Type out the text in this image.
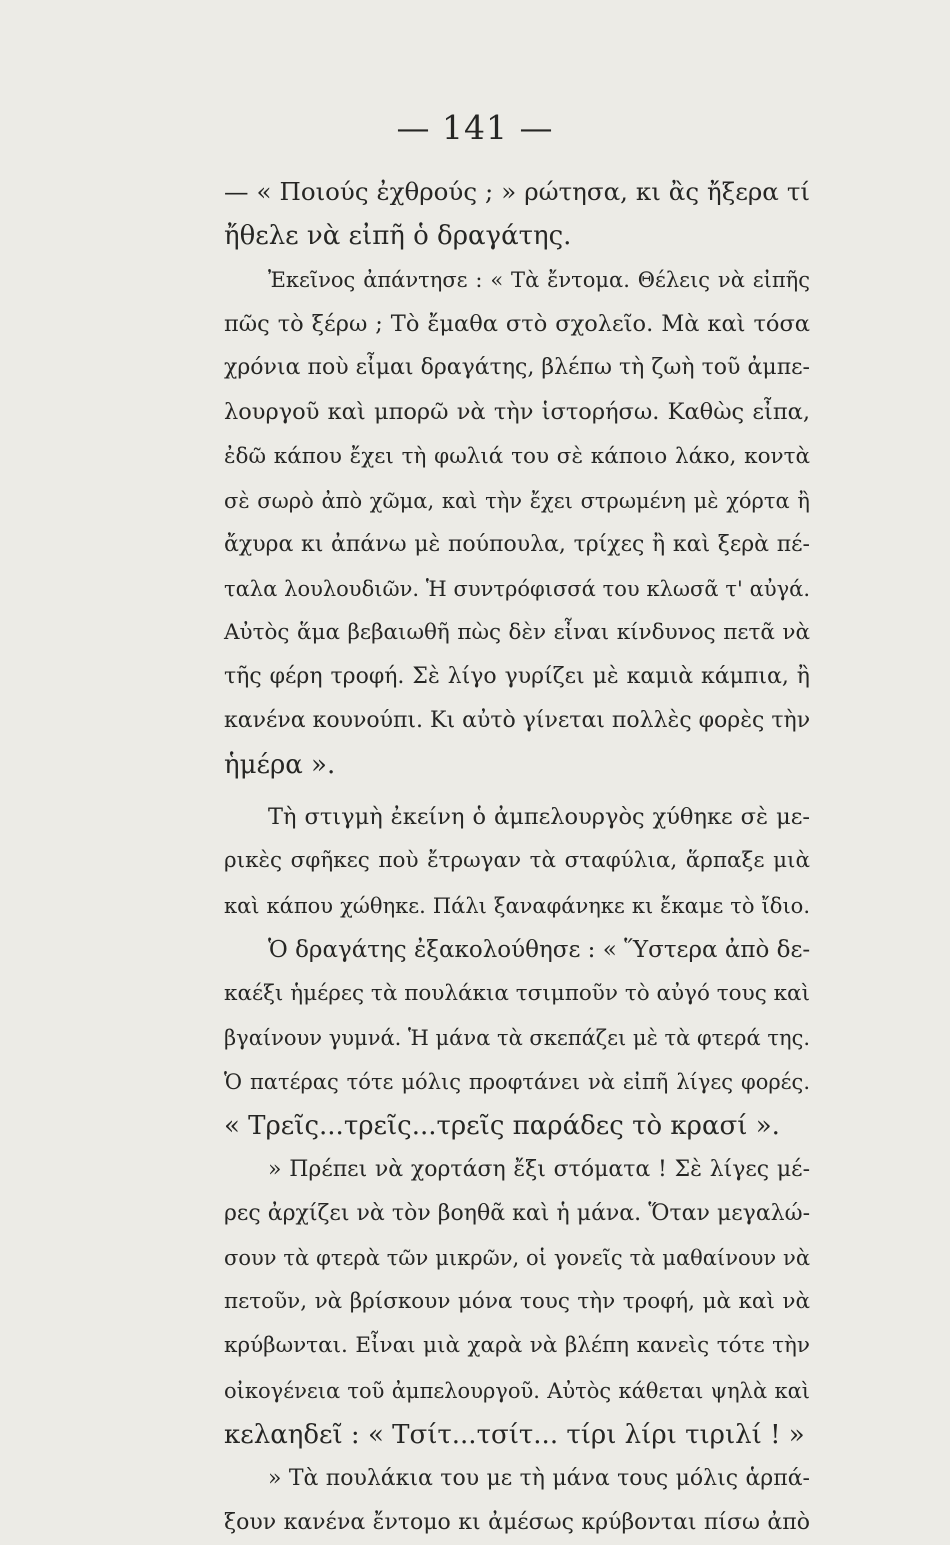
— 141 —
— « Ποιούς ἐχθρούς ; » ρώτησα, κι ἂς ἤξερα τί
ἤθελε νὰ εἰπῆ ὁ δραγάτης.
Ἐκεῖνος ἀπάντησε : « Τὰ ἔντομα. Θέλεις νὰ εἰπῆς
πῶς τὸ ξέρω ; Τὸ ἔμαθα στὸ σχολεῖο. Μὰ καὶ τόσα
χρόνια ποὺ εἶμαι δραγάτης, βλέπω τὴ ζωὴ τοῦ ἀμπε-
λουργοῦ καὶ μπορῶ νὰ τὴν ἱστορήσω. Καθὼς εἶπα,
ἐδῶ κάπου ἔχει τὴ φωλιά του σὲ κάποιο λάκο, κοντὰ
σὲ σωρὸ ἀπὸ χῶμα, καὶ τὴν ἔχει στρωμένη μὲ χόρτα ἢ
ἄχυρα κι ἀπάνω μὲ πούπουλα, τρίχες ἢ καὶ ξερὰ πέ-
ταλα λουλουδιῶν. Ἡ συντρόφισσά του κλωσᾶ τ' αὐγά.
Αὐτὸς ἅμα βεβαιωθῆ πὼς δὲν εἶναι κίνδυνος πετᾶ νὰ
τῆς φέρη τροφή. Σὲ λίγο γυρίζει μὲ καμιὰ κάμπια, ἢ
κανένα κουνούπι. Κι αὐτὸ γίνεται πολλὲς φορὲς τὴν
ἡμέρα ».
Τὴ στιγμὴ ἐκείνη ὁ ἀμπελουργὸς χύθηκε σὲ με-
ρικὲς σφῆκες ποὺ ἔτρωγαν τὰ σταφύλια, ἅρπαξε μιὰ
καὶ κάπου χώθηκε. Πάλι ξαναφάνηκε κι ἔκαμε τὸ ἴδιο.
Ὁ δραγάτης ἐξακολούθησε : « Ὕστερα ἀπὸ δε-
καέξι ἡμέρες τὰ πουλάκια τσιμποῦν τὸ αὐγό τους καὶ
βγαίνουν γυμνά. Ἡ μάνα τὰ σκεπάζει μὲ τὰ φτερά της.
Ὁ πατέρας τότε μόλις προφτάνει νὰ εἰπῆ λίγες φορές.
« Τρεῖς...τρεῖς...τρεῖς παράδες τὸ κρασί ».
» Πρέπει νὰ χορτάση ἔξι στόματα ! Σὲ λίγες μέ-
ρες ἀρχίζει νὰ τὸν βοηθᾶ καὶ ἡ μάνα. Ὅταν μεγαλώ-
σουν τὰ φτερὰ τῶν μικρῶν, οἱ γονεῖς τὰ μαθαίνουν νὰ
πετοῦν, νὰ βρίσκουν μόνα τους τὴν τροφή, μὰ καὶ νὰ
κρύβωνται. Εἶναι μιὰ χαρὰ νὰ βλέπη κανεὶς τότε τὴν
οἰκογένεια τοῦ ἀμπελουργοῦ. Αὐτὸς κάθεται ψηλὰ καὶ
κελαηδεῖ : « Τσίτ...τσίτ... τίρι λίρι τιριλί ! »
» Τὰ πουλάκια του με τὴ μάνα τους μόλις ἁρπά-
ξουν κανένα ἔντομο κι ἀμέσως κρύβονται πίσω ἀπὸ
